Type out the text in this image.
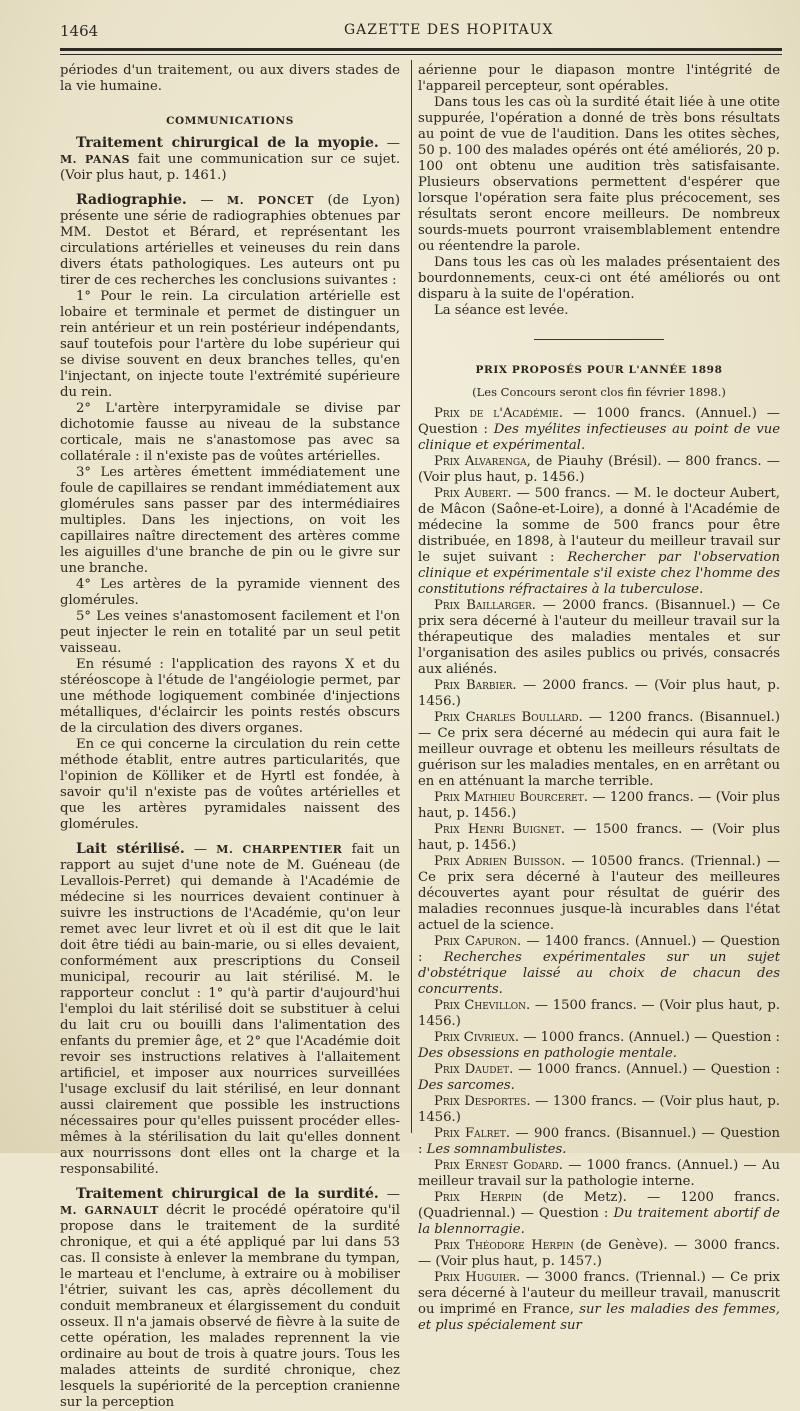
1464	GAZETTE DES HOPITAUX

périodes d'un traitement, ou aux divers stades de la vie humaine.

COMMUNICATIONS

Traitement chirurgical de la myopie. — M. PANAS fait une communication sur ce sujet. (Voir plus haut, p. 1461.)

Radiographie. — M. PONCET (de Lyon) présente une série de radiographies obtenues par MM. Destot et Bérard, et représentant les circulations artérielles et veineuses du rein dans divers états pathologiques. Les auteurs ont pu tirer de ces recherches les conclusions suivantes :

1° Pour le rein. La circulation artérielle est lobaire et terminale et permet de distinguer un rein antérieur et un rein postérieur indépendants, sauf toutefois pour l'artère du lobe supérieur qui se divise souvent en deux branches telles, qu'en l'injectant, on injecte toute l'extrémité supérieure du rein.

2° L'artère interpyramidale se divise par dichotomie fausse au niveau de la substance corticale, mais ne s'anastomose pas avec sa collatérale : il n'existe pas de voûtes artérielles.

3° Les artères émettent immédiatement une foule de capillaires se rendant immédiatement aux glomérules sans passer par des intermédiaires multiples. Dans les injections, on voit les capillaires naître directement des artères comme les aiguilles d'une branche de pin ou le givre sur une branche.

4° Les artères de la pyramide viennent des glomérules.

5° Les veines s'anastomosent facilement et l'on peut injecter le rein en totalité par un seul petit vaisseau.

En résumé : l'application des rayons X et du stéréoscope à l'étude de l'angéiologie permet, par une méthode logiquement combinée d'injections métalliques, d'éclaircir les points restés obscurs de la circulation des divers organes.

En ce qui concerne la circulation du rein cette méthode établit, entre autres particularités, que l'opinion de Kölliker et de Hyrtl est fondée, à savoir qu'il n'existe pas de voûtes artérielles et que les artères pyramidales naissent des glomérules.

Lait stérilisé. — M. CHARPENTIER fait un rapport au sujet d'une note de M. Guéneau (de Levallois-Perret) qui demande à l'Académie de médecine si les nourrices devaient continuer à suivre les instructions de l'Académie, qu'on leur remet avec leur livret et où il est dit que le lait doit être tiédi au bain-marie, ou si elles devaient, conformément aux prescriptions du Conseil municipal, recourir au lait stérilisé. M. le rapporteur conclut : 1° qu'à partir d'aujourd'hui l'emploi du lait stérilisé doit se substituer à celui du lait cru ou bouilli dans l'alimentation des enfants du premier âge, et 2° que l'Académie doit revoir ses instructions relatives à l'allaitement artificiel, et imposer aux nourrices surveillées l'usage exclusif du lait stérilisé, en leur donnant aussi clairement que possible les instructions nécessaires pour qu'elles puissent procéder elles-mêmes à la stérilisation du lait qu'elles donnent aux nourrissons dont elles ont la charge et la responsabilité.

Traitement chirurgical de la surdité. — M. GARNAULT décrit le procédé opératoire qu'il propose dans le traitement de la surdité chronique, et qui a été appliqué par lui dans 53 cas. Il consiste à enlever la membrane du tympan, le marteau et l'enclume, à extraire ou à mobiliser l'étrier, suivant les cas, après décollement du conduit membraneux et élargissement du conduit osseux. Il n'a jamais observé de fièvre à la suite de cette opération, les malades reprennent la vie ordinaire au bout de trois à quatre jours. Tous les malades atteints de surdité chronique, chez lesquels la supériorité de la perception cranienne sur la perception

aérienne pour le diapason montre l'intégrité de l'appareil percepteur, sont opérables.

Dans tous les cas où la surdité était liée à une otite suppurée, l'opération a donné de très bons résultats au point de vue de l'audition. Dans les otites sèches, 50 p. 100 des malades opérés ont été améliorés, 20 p. 100 ont obtenu une audition très satisfaisante. Plusieurs observations permettent d'espérer que lorsque l'opération sera faite plus précocement, ses résultats seront encore meilleurs. De nombreux sourds-muets pourront vraisemblablement entendre ou réentendre la parole.

Dans tous les cas où les malades présentaient des bourdonnements, ceux-ci ont été améliorés ou ont disparu à la suite de l'opération.

La séance est levée.

PRIX PROPOSÉS POUR L'ANNÉE 1898

(Les Concours seront clos fin février 1898.)

Prix de l'Académie. — 1000 francs. (Annuel.) — Question : Des myélites infectieuses au point de vue clinique et expérimental.

Prix Alvarenga, de Piauhy (Brésil). — 800 francs. — (Voir plus haut, p. 1456.)

Prix Aubert. — 500 francs. — M. le docteur Aubert, de Mâcon (Saône-et-Loire), a donné à l'Académie de médecine la somme de 500 francs pour être distribuée, en 1898, à l'auteur du meilleur travail sur le sujet suivant : Rechercher par l'observation clinique et expérimentale s'il existe chez l'homme des constitutions réfractaires à la tuberculose.

Prix Baillarger. — 2000 francs. (Bisannuel.) — Ce prix sera décerné à l'auteur du meilleur travail sur la thérapeutique des maladies mentales et sur l'organisation des asiles publics ou privés, consacrés aux aliénés.

Prix Barbier. — 2000 francs. — (Voir plus haut, p. 1456.)

Prix Charles Boullard. — 1200 francs. (Bisannuel.) — Ce prix sera décerné au médecin qui aura fait le meilleur ouvrage et obtenu les meilleurs résultats de guérison sur les maladies mentales, en en arrêtant ou en en atténuant la marche terrible.

Prix Mathieu Bourceret. — 1200 francs. — (Voir plus haut, p. 1456.)

Prix Henri Buignet. — 1500 francs. — (Voir plus haut, p. 1456.)

Prix Adrien Buisson. — 10500 francs. (Triennal.) — Ce prix sera décerné à l'auteur des meilleures découvertes ayant pour résultat de guérir des maladies reconnues jusque-là incurables dans l'état actuel de la science.

Prix Capuron. — 1400 francs. (Annuel.) — Question : Recherches expérimentales sur un sujet d'obstétrique laissé au choix de chacun des concurrents.

Prix Chevillon. — 1500 francs. — (Voir plus haut, p. 1456.)

Prix Civrieux. — 1000 francs. (Annuel.) — Question : Des obsessions en pathologie mentale.

Prix Daudet. — 1000 francs. (Annuel.) — Question : Des sarcomes.

Prix Desportes. — 1300 francs. — (Voir plus haut, p. 1456.)

Prix Falret. — 900 francs. (Bisannuel.) — Question : Les somnambulistes.

Prix Ernest Godard. — 1000 francs. (Annuel.) — Au meilleur travail sur la pathologie interne.

Prix Herpin (de Metz). — 1200 francs. (Quadriennal.) — Question : Du traitement abortif de la blennorragie.

Prix Théodore Herpin (de Genève). — 3000 francs. — (Voir plus haut, p. 1457.)

Prix Huguier. — 3000 francs. (Triennal.) — Ce prix sera décerné à l'auteur du meilleur travail, manuscrit ou imprimé en France, sur les maladies des femmes, et plus spécialement sur
